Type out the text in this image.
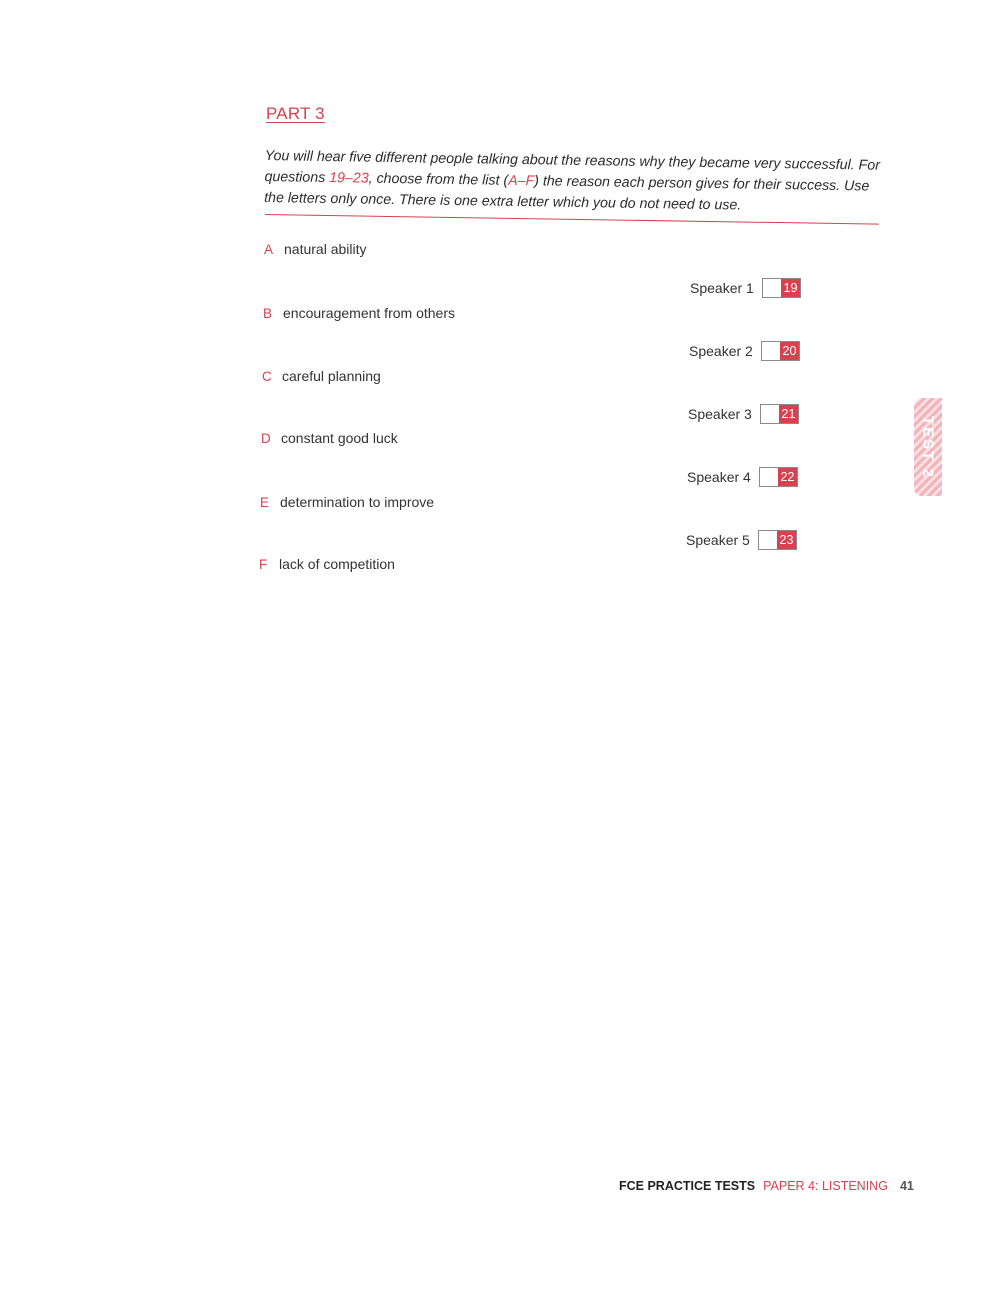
PART 3
You will hear five different people talking about the reasons why they became very successful. For questions 19–23, choose from the list (A–F) the reason each person gives for their success. Use the letters only once. There is one extra letter which you do not need to use.
A natural ability
B encouragement from others
C careful planning
D constant good luck
E determination to improve
F lack of competition
Speaker 1	19
Speaker 2	20
Speaker 3	21
Speaker 4	22
Speaker 5	23
TEST 2
FCE PRACTICE TESTS PAPER 4: LISTENING 41
